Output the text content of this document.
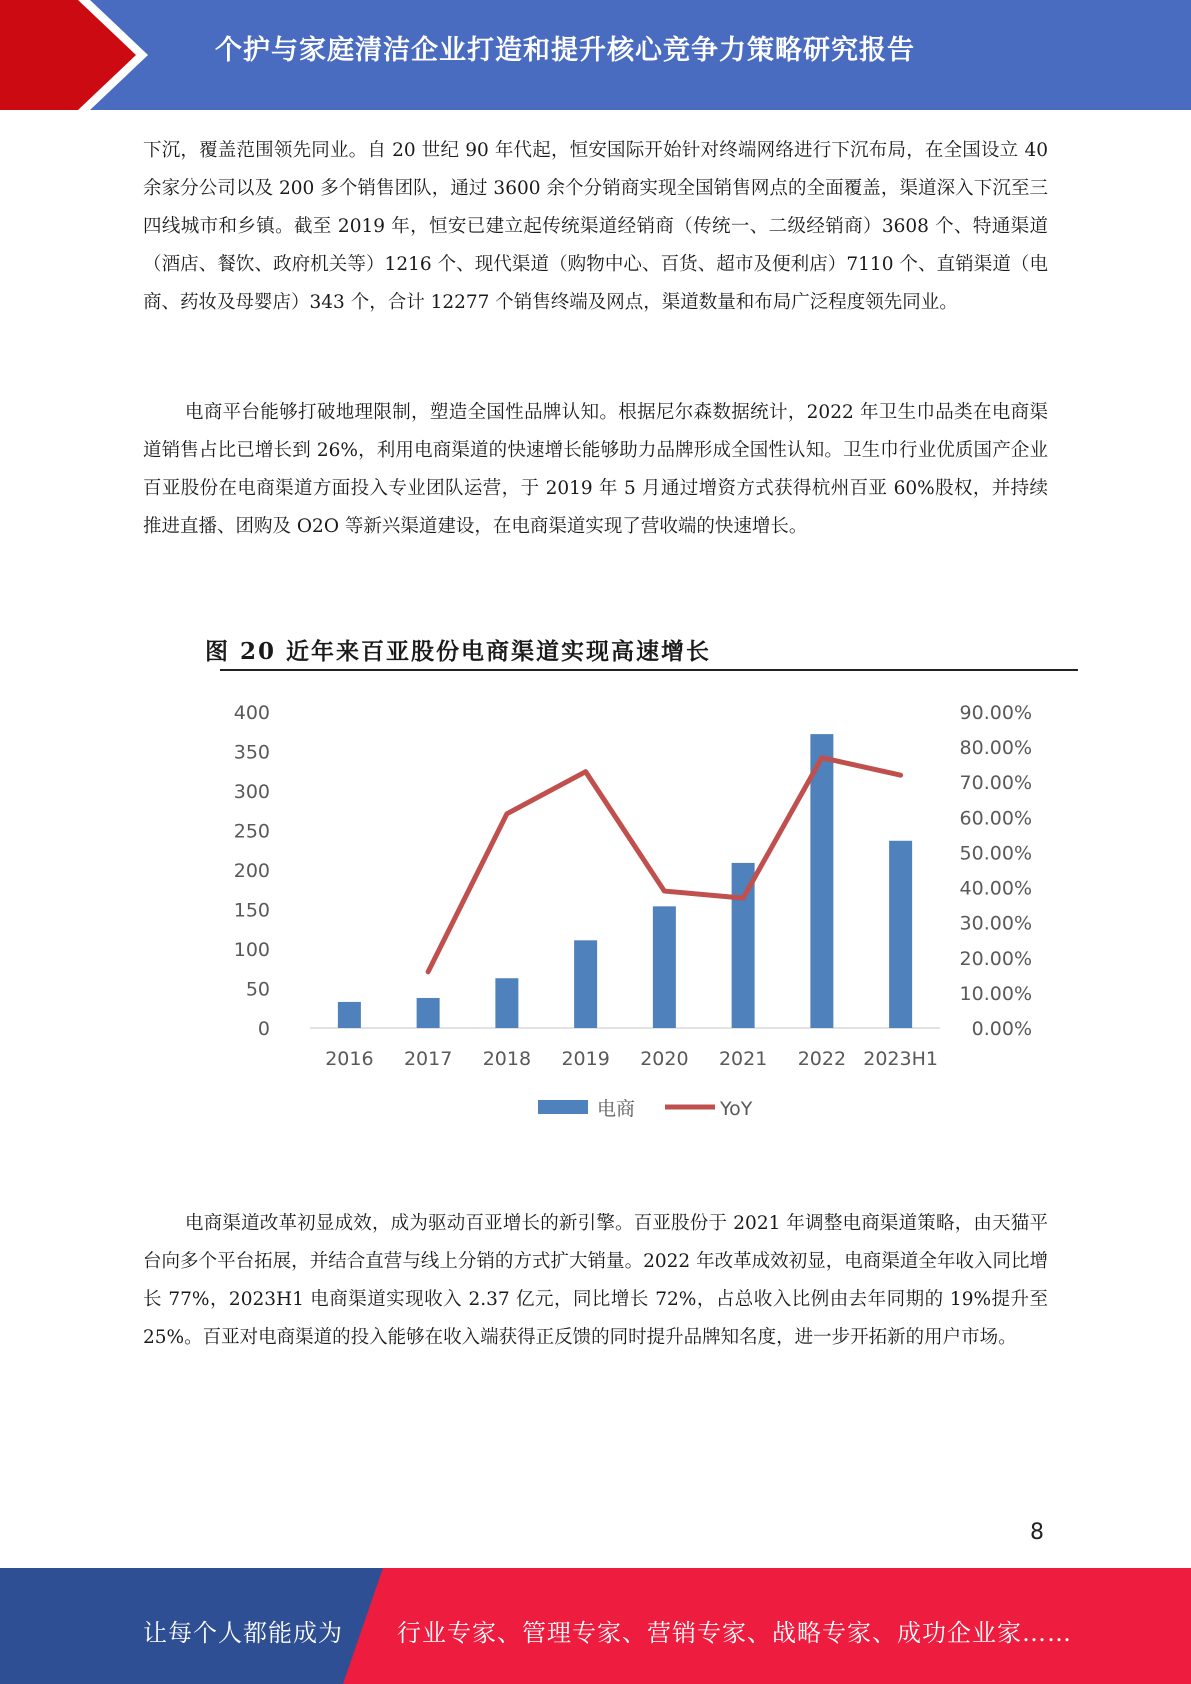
个护与家庭清洁企业打造和提升核心竞争力策略研究报告
下沉，覆盖范围领先同业。自 20 世纪 90 年代起，恒安国际开始针对终端网络进行下沉布局，在全国设立 40 余家分公司以及 200 多个销售团队，通过 3600 余个分销商实现全国销售网点的全面覆盖，渠道深入下沉至三四线城市和乡镇。截至 2019 年，恒安已建立起传统渠道经销商（传统一、二级经销商）3608 个、特通渠道（酒店、餐饮、政府机关等）1216 个、现代渠道（购物中心、百货、超市及便利店）7110 个、直销渠道（电商、药妆及母婴店）343 个，合计 12277 个销售终端及网点，渠道数量和布局广泛程度领先同业。
电商平台能够打破地理限制，塑造全国性品牌认知。根据尼尔森数据统计，2022 年卫生巾品类在电商渠道销售占比已增长到 26%，利用电商渠道的快速增长能够助力品牌形成全国性认知。卫生巾行业优质国产企业百亚股份在电商渠道方面投入专业团队运营，于 2019 年 5 月通过增资方式获得杭州百亚 60%股权，并持续推进直播、团购及 O2O 等新兴渠道建设，在电商渠道实现了营收端的快速增长。
图 20 近年来百亚股份电商渠道实现高速增长
0
50
100
150
200
250
300
350
400
0.00%
10.00%
20.00%
30.00%
40.00%
50.00%
60.00%
70.00%
80.00%
90.00%
2016 2017 2018 2019 2020 2021 2022 2023H1
电商	YoY
电商渠道改革初显成效，成为驱动百亚增长的新引擎。百亚股份于 2021 年调整电商渠道策略，由天猫平台向多个平台拓展，并结合直营与线上分销的方式扩大销量。2022 年改革成效初显，电商渠道全年收入同比增长 77%，2023H1 电商渠道实现收入 2.37 亿元，同比增长 72%，占总收入比例由去年同期的 19%提升至 25%。百亚对电商渠道的投入能够在收入端获得正反馈的同时提升品牌知名度，进一步开拓新的用户市场。
8
让每个人都能成为 行业专家、管理专家、营销专家、战略专家、成功企业家……
